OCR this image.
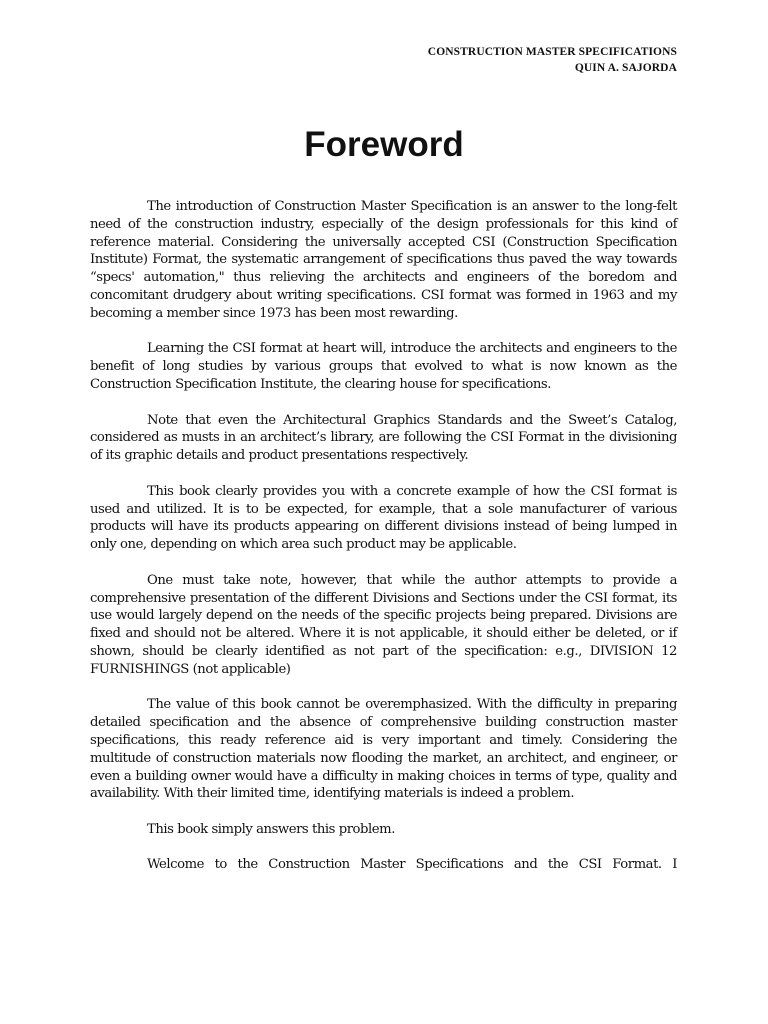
CONSTRUCTION MASTER SPECIFICATIONS
QUIN A. SAJORDA
Foreword

The introduction of Construction Master Specification is an answer to the long-felt need of the construction industry, especially of the design professionals for this kind of reference material. Considering the universally accepted CSI (Construction Specification Institute) Format, the systematic arrangement of specifications thus paved the way towards “specs' automation," thus relieving the architects and engineers of the boredom and concomitant drudgery about writing specifications. CSI format was formed in 1963 and my becoming a member since 1973 has been most rewarding.

Learning the CSI format at heart will, introduce the architects and engineers to the benefit of long studies by various groups that evolved to what is now known as the Construction Specification Institute, the clearing house for specifications.

Note that even the Architectural Graphics Standards and the Sweet’s Catalog, considered as musts in an architect’s library, are following the CSI Format in the divisioning of its graphic details and product presentations respectively.

This book clearly provides you with a concrete example of how the CSI format is used and utilized. It is to be expected, for example, that a sole manufacturer of various products will have its products appearing on different divisions instead of being lumped in only one, depending on which area such product may be applicable.

One must take note, however, that while the author attempts to provide a comprehensive presentation of the different Divisions and Sections under the CSI format, its use would largely depend on the needs of the specific projects being prepared. Divisions are fixed and should not be altered. Where it is not applicable, it should either be deleted, or if shown, should be clearly identified as not part of the specification: e.g., DIVISION 12 FURNISHINGS (not applicable)

The value of this book cannot be overemphasized. With the difficulty in preparing detailed specification and the absence of comprehensive building construction master specifications, this ready reference aid is very important and timely. Considering the multitude of construction materials now flooding the market, an architect, and engineer, or even a building owner would have a difficulty in making choices in terms of type, quality and availability. With their limited time, identifying materials is indeed a problem.

This book simply answers this problem.

Welcome to the Construction Master Specifications and the CSI Format. I
